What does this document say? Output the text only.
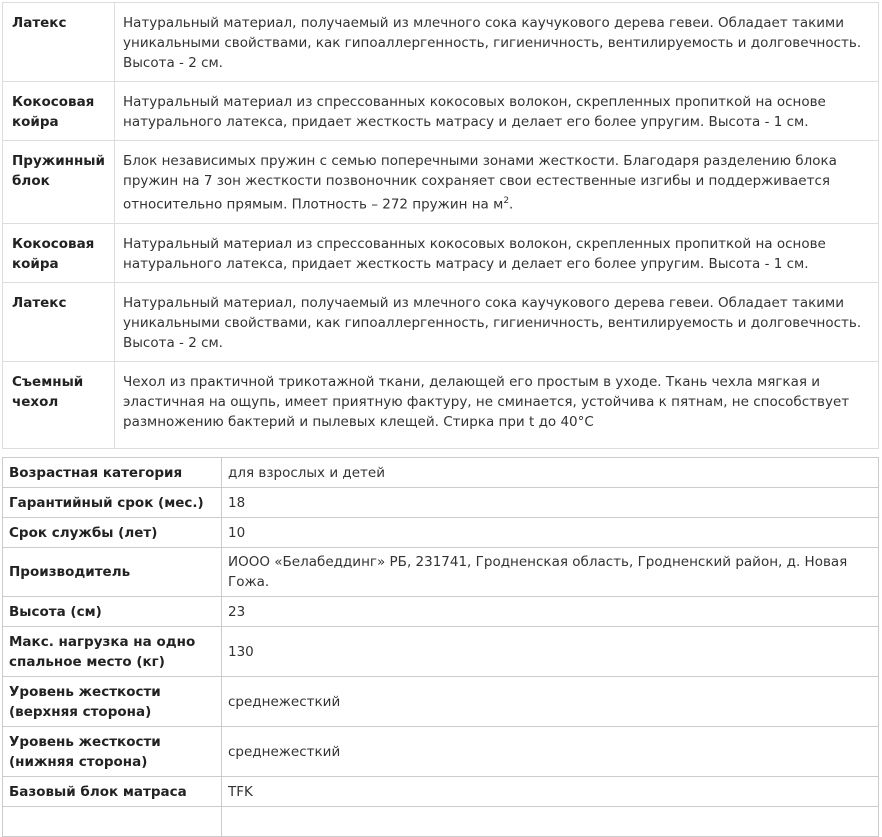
Латекс	Натуральный материал, получаемый из млечного сока каучукового дерева гевеи. Обладает такими уникальными свойствами, как гипоаллергенность, гигиеничность, вентилируемость и долговечность. Высота - 2 см.
Кокосовая койра	Натуральный материал из спрессованных кокосовых волокон, скрепленных пропиткой на основе натурального латекса, придает жесткость матрасу и делает его более упругим. Высота - 1 см.
Пружинный блок	Блок независимых пружин с семью поперечными зонами жесткости. Благодаря разделению блока пружин на 7 зон жесткости позвоночник сохраняет свои естественные изгибы и поддерживается относительно прямым. Плотность – 272 пружин на $м^2$.
Кокосовая койра	Натуральный материал из спрессованных кокосовых волокон, скрепленных пропиткой на основе натурального латекса, придает жесткость матрасу и делает его более упругим. Высота - 1 см.
Латекс	Натуральный материал, получаемый из млечного сока каучукового дерева гевеи. Обладает такими уникальными свойствами, как гипоаллергенность, гигиеничность, вентилируемость и долговечность. Высота - 2 см.
Съемный чехол	Чехол из практичной трикотажной ткани, делающей его простым в уходе. Ткань чехла мягкая и эластичная на ощупь, имеет приятную фактуру, не сминается, устойчива к пятнам, не способствует размножению бактерий и пылевых клещей. Стирка при t до 40°C
Возрастная категория	для взрослых и детей
Гарантийный срок (мес.)	18
Срок службы (лет)	10
Производитель	ИООО «Белабеддинг» РБ, 231741, Гродненская область, Гродненский район, д. Новая Гожа.
Высота (см)	23
Макс. нагрузка на одно спальное место (кг)	130
Уровень жесткости (верхняя сторона)	среднежесткий
Уровень жесткости (нижняя сторона)	среднежесткий
Базовый блок матраса	TFK
